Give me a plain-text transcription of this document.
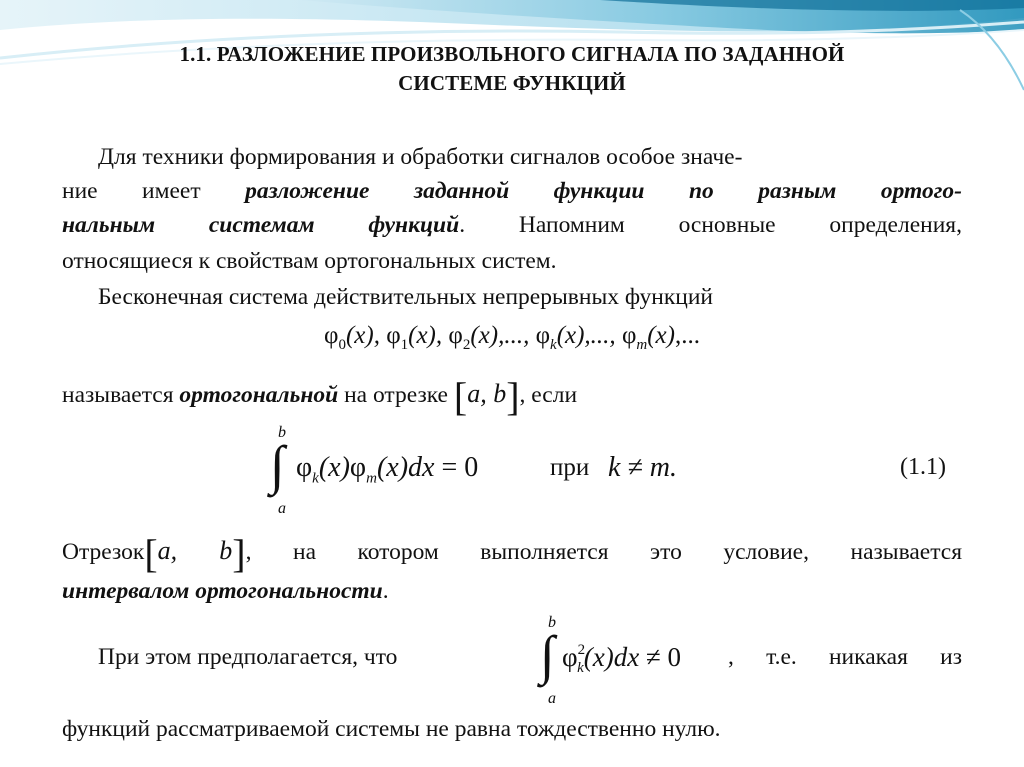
1.1. РАЗЛОЖЕНИЕ ПРОИЗВОЛЬНОГО СИГНАЛА ПО ЗАДАННОЙ
СИСТЕМЕ ФУНКЦИЙ
Для техники формирования и обработки сигналов особое значе-
ние имеет разложение заданной функции по разным ортого-
нальным системам функций. Напомним основные определения,
относящиеся к свойствам ортогональных систем.
Бесконечная система действительных непрерывных функций
$\varphi_0(x)$, $\varphi_1(x)$, $\varphi_2(x)$,..., $\varphi_k(x)$,..., $\varphi_m(x)$,...
называется ортогональной на отрезке [a, b], если
b
∫
a
$\varphi_k(x)\varphi_m(x)dx = 0$	при k ≠ m.	(1.1)
Отрезок[a, b], на котором выполняется это условие, называется
интервалом ортогональности.
При этом предполагается, что
b
∫
a
$\varphi^2_k(x)dx \ne 0$ , т.е. никакая из
функций рассматриваемой системы не равна тождественно нулю.
